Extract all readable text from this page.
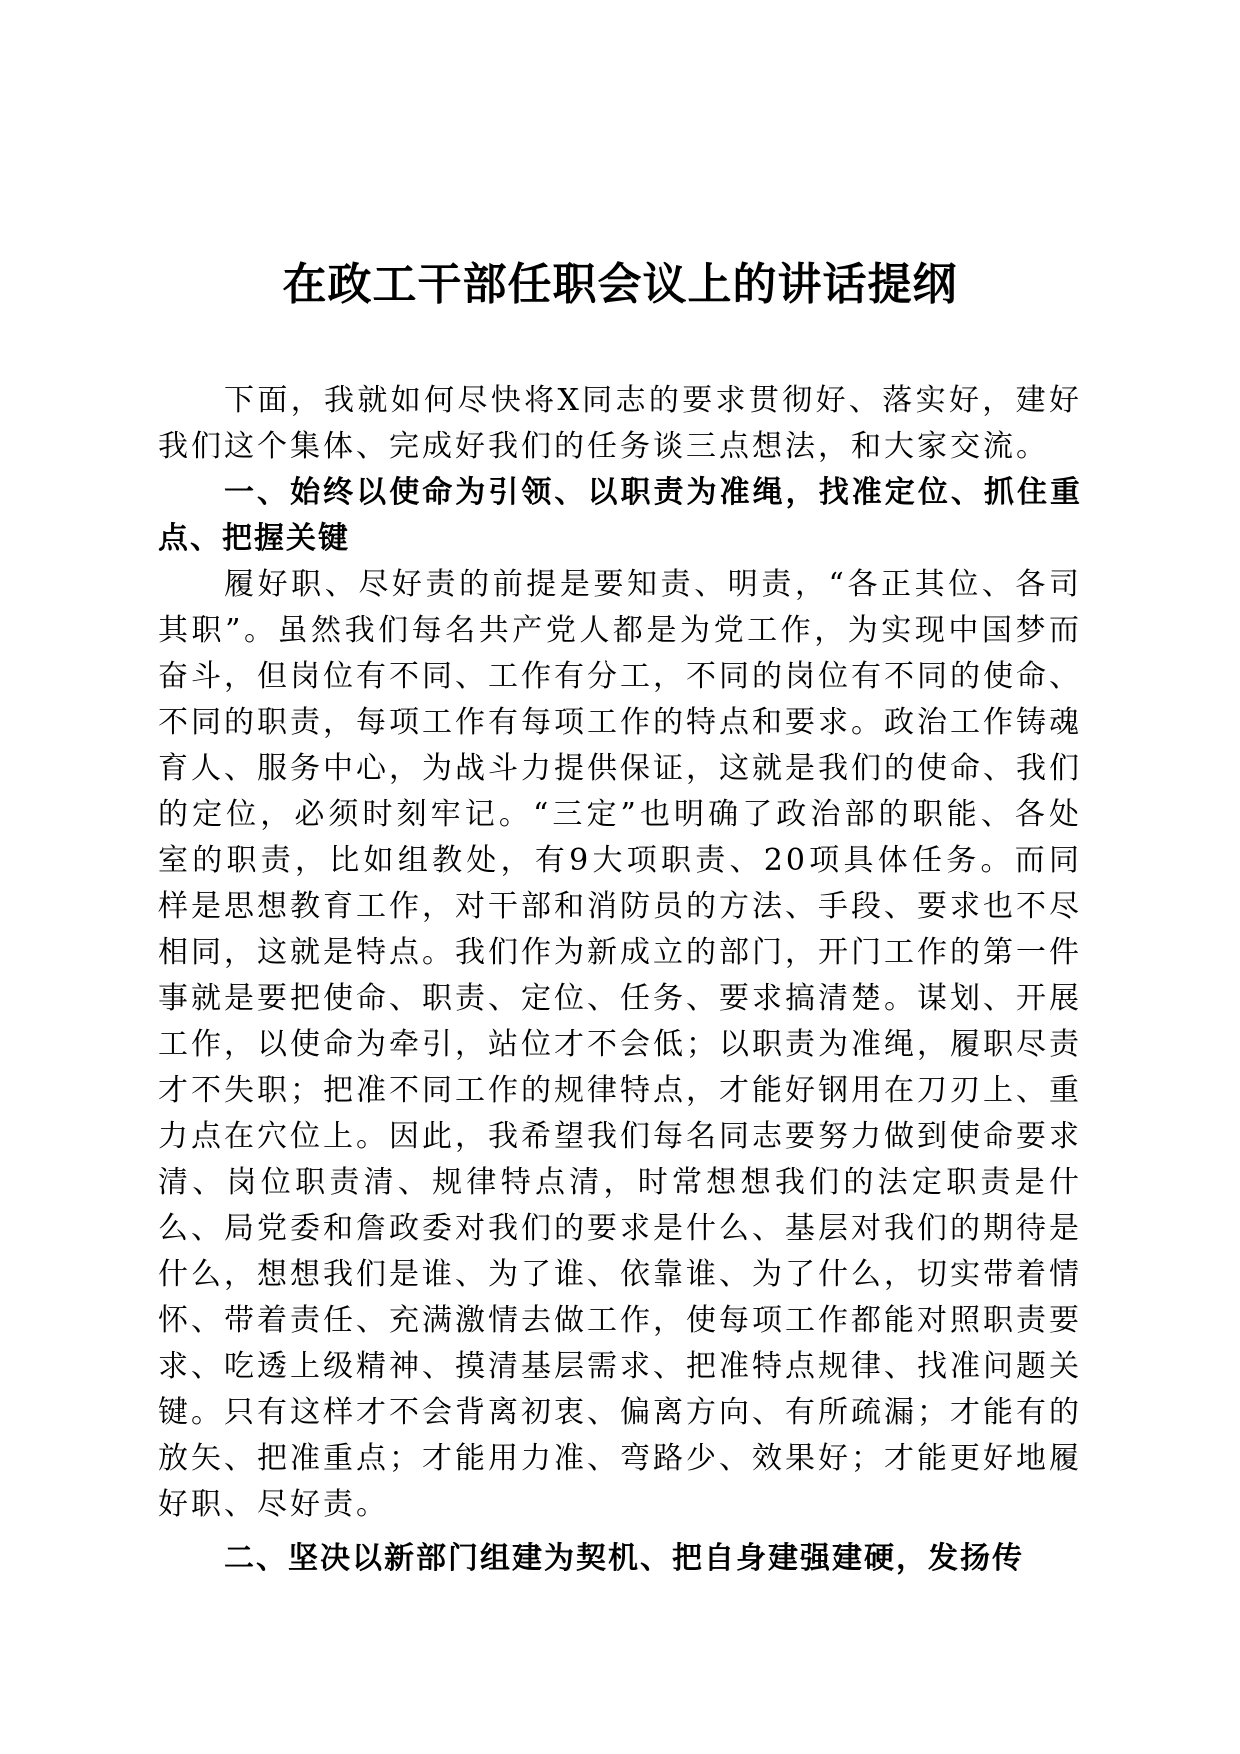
在政工干部任职会议上的讲话提纲

下面，我就如何尽快将X同志的要求贯彻好、落实好，建好我们这个集体、完成好我们的任务谈三点想法，和大家交流。

一、始终以使命为引领、以职责为准绳，找准定位、抓住重点、把握关键

履好职、尽好责的前提是要知责、明责，“各正其位、各司其职”。虽然我们每名共产党人都是为党工作，为实现中国梦而奋斗，但岗位有不同、工作有分工，不同的岗位有不同的使命、不同的职责，每项工作有每项工作的特点和要求。政治工作铸魂育人、服务中心，为战斗力提供保证，这就是我们的使命、我们的定位，必须时刻牢记。“三定”也明确了政治部的职能、各处室的职责，比如组教处，有9大项职责、20项具体任务。而同样是思想教育工作，对干部和消防员的方法、手段、要求也不尽相同，这就是特点。我们作为新成立的部门，开门工作的第一件事就是要把使命、职责、定位、任务、要求搞清楚。谋划、开展工作，以使命为牵引，站位才不会低；以职责为准绳，履职尽责才不失职；把准不同工作的规律特点，才能好钢用在刀刃上、重力点在穴位上。因此，我希望我们每名同志要努力做到使命要求清、岗位职责清、规律特点清，时常想想我们的法定职责是什么、局党委和詹政委对我们的要求是什么、基层对我们的期待是什么，想想我们是谁、为了谁、依靠谁、为了什么，切实带着情怀、带着责任、充满激情去做工作，使每项工作都能对照职责要求、吃透上级精神、摸清基层需求、把准特点规律、找准问题关键。只有这样才不会背离初衷、偏离方向、有所疏漏；才能有的放矢、把准重点；才能用力准、弯路少、效果好；才能更好地履好职、尽好责。

二、坚决以新部门组建为契机、把自身建强建硬，发扬传
